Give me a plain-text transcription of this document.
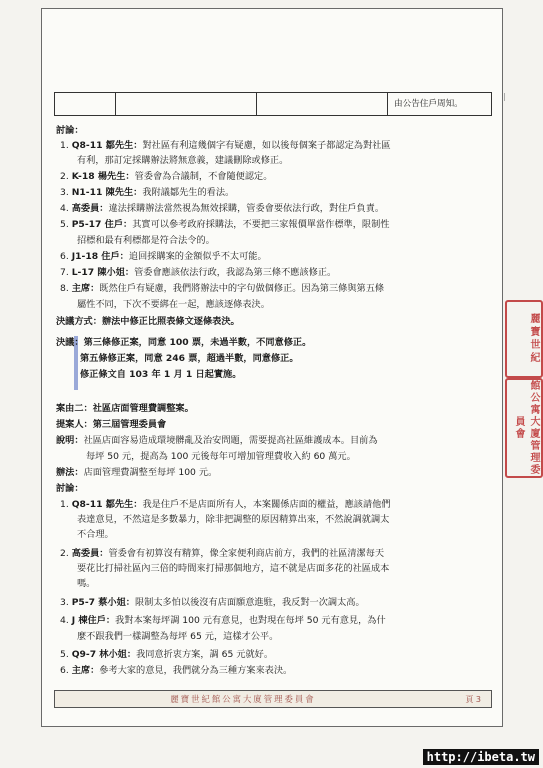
|
由公告住戶周知。
討論：
1. Q8-11 鄒先生：對社區有利這幾個字有疑慮，如以後每個案子都認定為對社區
有利，那訂定採購辦法將無意義，建議刪除或修正。
2. K-18 楊先生：管委會為合議制，不會隨便認定。
3. N1-11 陳先生：我附議鄒先生的看法。
4. 高委員：違法採購辦法當然視為無效採購，管委會要依法行政，對住戶負責。
5. P5-17 住戶：其實可以參考政府採購法，不要把三家報價單當作標準，限制性
招標和最有利標都是符合法令的。
6. J1-18 住戶：追回採購案的金額似乎不太可能。
7. L-17 陳小姐：管委會應該依法行政，我認為第三條不應該修正。
8. 主席：既然住戶有疑慮，我們將辦法中的字句做個修正。因為第三條與第五條
屬性不同，下次不要綁在一起，應該逐條表決。
決議方式：辦法中修正比照表條文逐條表決。
決議：第三條修正案，同意 100 票，未過半數，不同意修正。
第五條修正案，同意 246 票，超過半數，同意修正。
修正條文自 103 年 1 月 1 日起實施。
案由二：社區店面管理費調整案。
提案人：第三屆管理委員會
說明：社區店面容易造成環境髒亂及治安問題，需要提高社區維護成本。目前為
每坪 50 元，提高為 100 元後每年可增加管理費收入約 60 萬元。
辦法：店面管理費調整至每坪 100 元。
討論：
1. Q8-11 鄒先生：我是住戶不是店面所有人，本案關係店面的權益，應該請他們
表達意見，不然這是多數暴力，除非把調整的原因精算出來，不然說調就調太
不合理。
2. 高委員：管委會有初算沒有精算，像全家便利商店前方，我們的社區清潔每天
要花比打掃社區內三倍的時間來打掃那個地方，這不就是店面多花的社區成本
嗎。
3. P5-7 蔡小姐：限制太多怕以後沒有店面願意進駐，我反對一次調太高。
4. J 棟住戶：我對本案每坪調 100 元有意見，也對現在每坪 50 元有意見，為什
麼不跟我們一樣調整為每坪 65 元，這樣才公平。
5. Q9-7 林小姐：我同意折衷方案，調 65 元就好。
6. 主席：參考大家的意見，我們就分為三種方案來表決。
麗寶世紀館公寓大廈管理委員會	頁 3
麗寶世紀
館公寓大廈管理委員會
http://ibeta.tw
